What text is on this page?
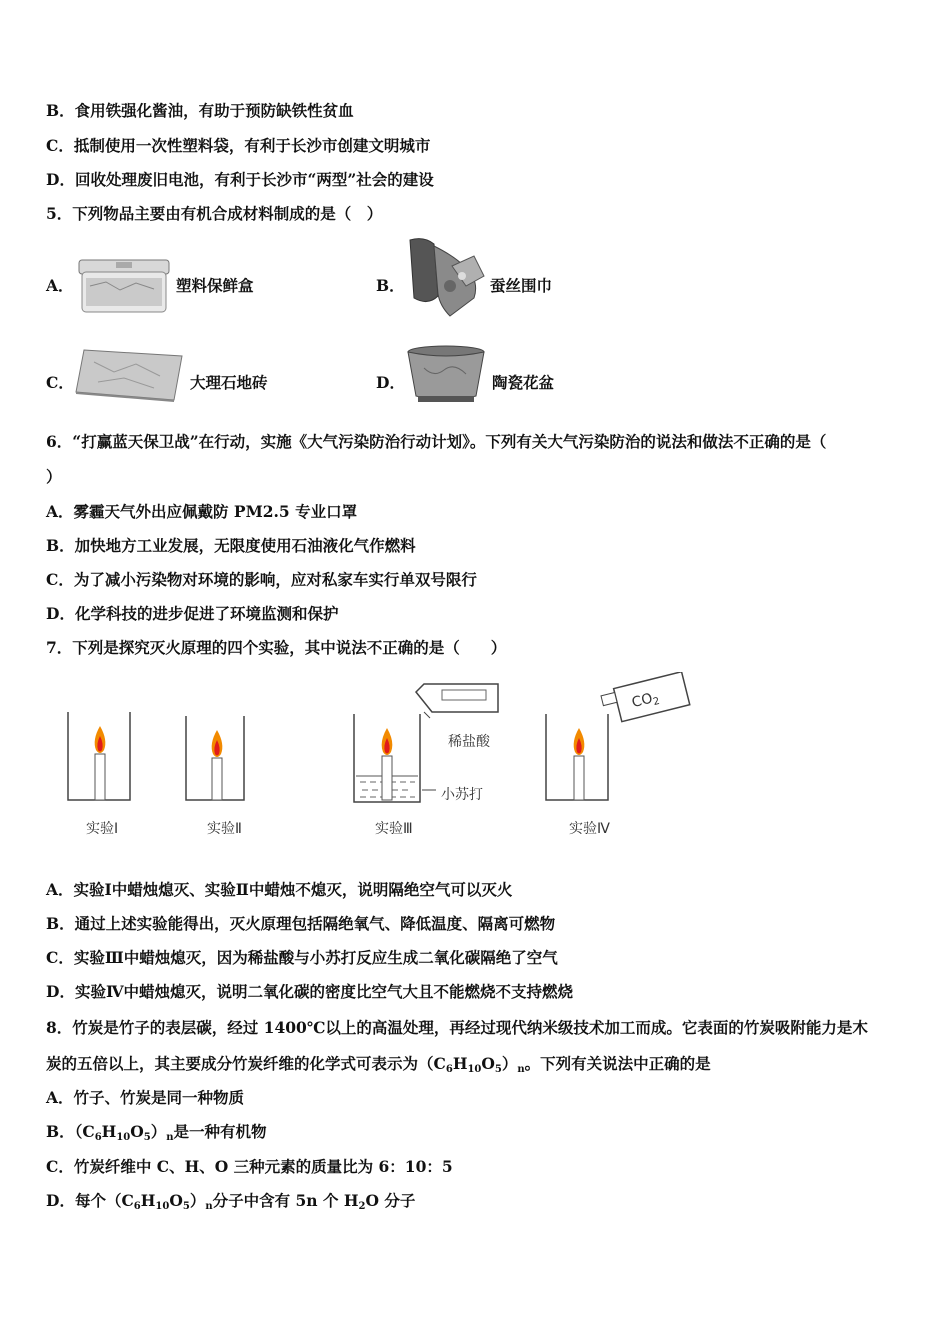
B．食用铁强化酱油，有助于预防缺铁性贫血
C．抵制使用一次性塑料袋，有利于长沙市创建文明城市
D．回收处理废旧电池，有利于长沙市“两型”社会的建设
5．下列物品主要由有机合成材料制成的是（　）
A．	塑料保鲜盒	B．	蚕丝围巾
C．	大理石地砖	D．	陶瓷花盆
6．“打赢蓝天保卫战”在行动，实施《大气污染防治行动计划》。下列有关大气污染防治的说法和做法不正确的是（
）
A．雾霾天气外出应佩戴防 PM2.5 专业口罩
B．加快地方工业发展，无限度使用石油液化气作燃料
C．为了减小污染物对环境的影响，应对私家车实行单双号限行
D．化学科技的进步促进了环境监测和保护
7．下列是探究灭火原理的四个实验，其中说法不正确的是（　　）
实验Ⅰ	实验Ⅱ	实验Ⅲ	实验Ⅳ
稀盐酸
小苏打
$CO_2$
A．实验Ⅰ中蜡烛熄灭、实验Ⅱ中蜡烛不熄灭，说明隔绝空气可以灭火
B．通过上述实验能得出，灭火原理包括隔绝氧气、降低温度、隔离可燃物
C．实验Ⅲ中蜡烛熄灭，因为稀盐酸与小苏打反应生成二氧化碳隔绝了空气
D．实验Ⅳ中蜡烛熄灭，说明二氧化碳的密度比空气大且不能燃烧不支持燃烧
8．竹炭是竹子的表层碳，经过 1400℃以上的高温处理，再经过现代纳米级技术加工而成。它表面的竹炭吸附能力是木
炭的五倍以上，其主要成分竹炭纤维的化学式可表示为$(C_6H_{10}O_5)_n$。下列有关说法中正确的是
A．竹子、竹炭是同一种物质
B．$(C_6H_{10}O_5)_n$是一种有机物
C．竹炭纤维中 C、H、O 三种元素的质量比为 6：10：5
D．每个$(C_6H_{10}O_5)_n$分子中含有 5n 个 $H_2O$ 分子
